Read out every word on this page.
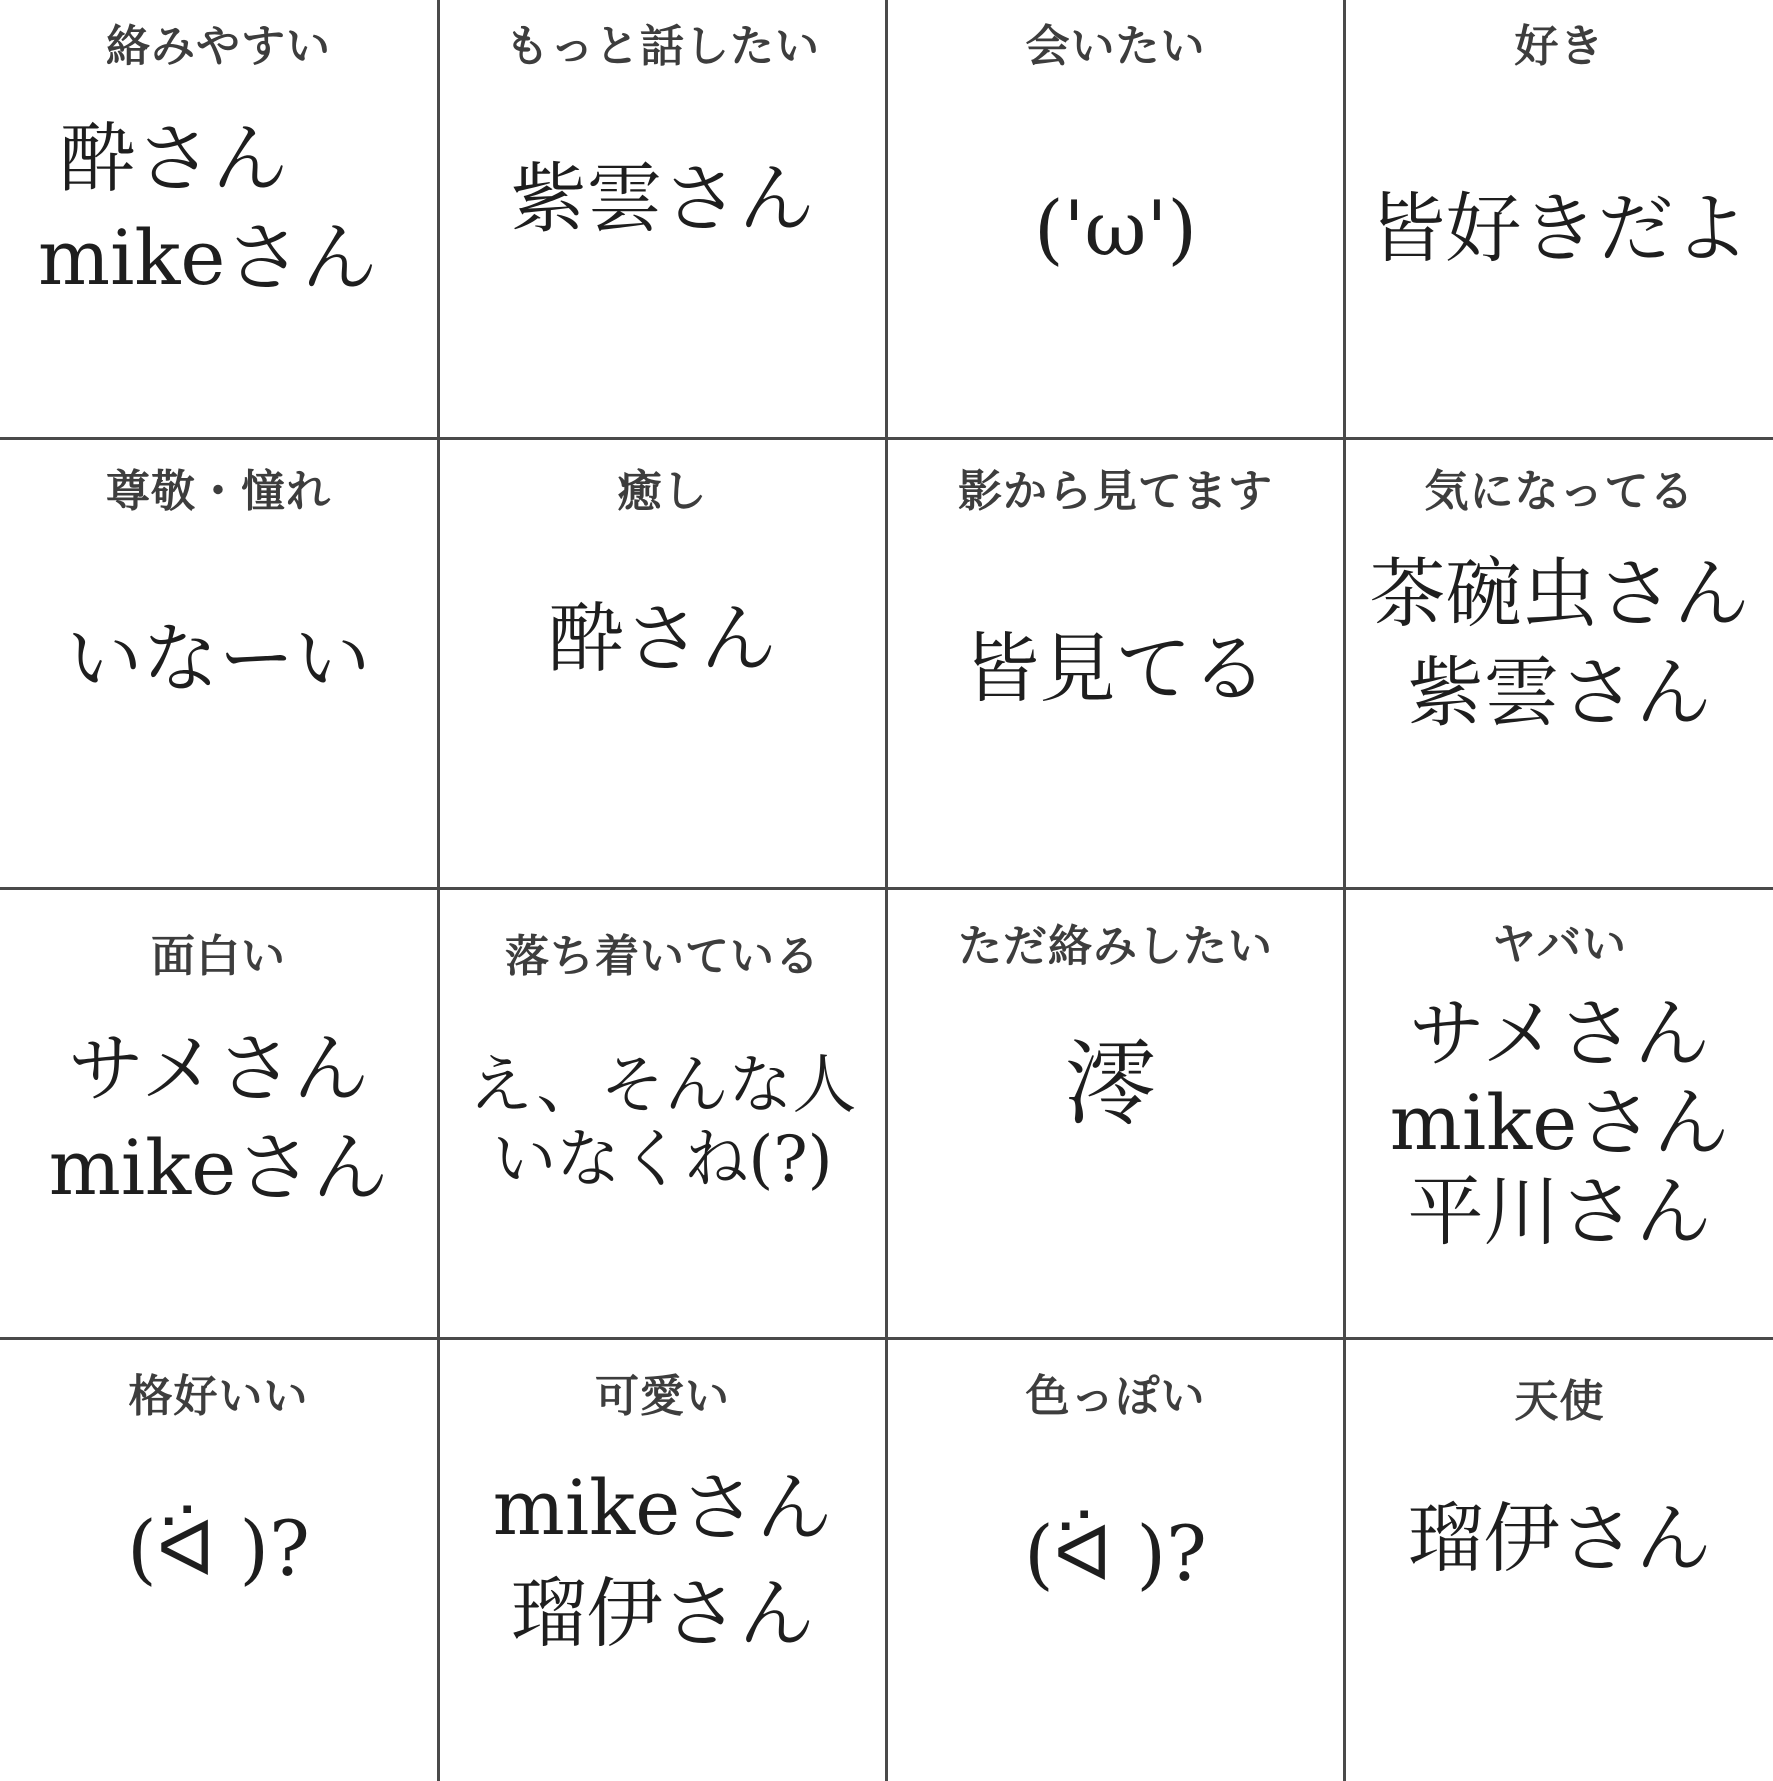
絡みやすい
酔さん
mikeさん
もっと話したい
紫雲さん
会いたい
('ω')
好き
皆好きだよ
尊敬・憧れ
いなーい
癒し
酔さん
影から見てます
皆見てる
気になってる
茶碗虫さん
紫雲さん
面白い
サメさん
mikeさん
落ち着いている
え、そんな人
いなくね(?)
ただ絡みしたい
澪
ヤバい
サメさん
mikeさん
平川さん
格好いい
(ᐛ )?
可愛い
mikeさん
瑠伊さん
色っぽい
(ᐛ )?
天使
瑠伊さん
